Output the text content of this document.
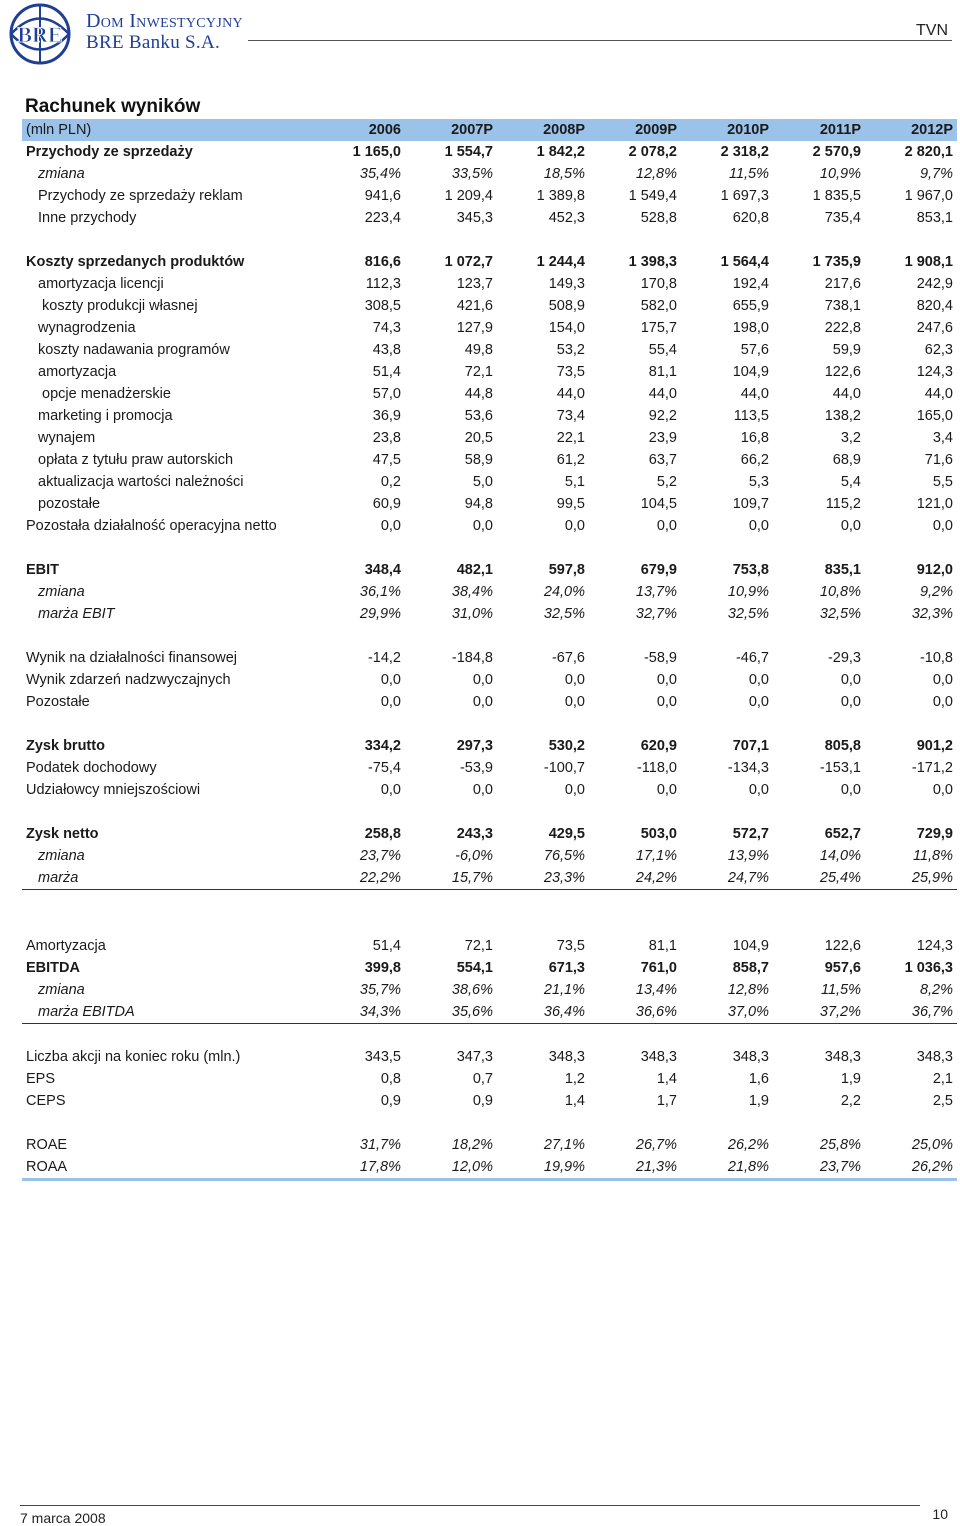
BRE
Dom Inwestycyjny
BRE Banku S.A.
TVN
Rachunek wyników
(mln PLN)	2006	2007P	2008P	2009P	2010P	2011P	2012P
Przychody ze sprzedaży	1 165,0	1 554,7	1 842,2	2 078,2	2 318,2	2 570,9	2 820,1
zmiana	35,4%	33,5%	18,5%	12,8%	11,5%	10,9%	9,7%
Przychody ze sprzedaży reklam	941,6	1 209,4	1 389,8	1 549,4	1 697,3	1 835,5	1 967,0
Inne przychody	223,4	345,3	452,3	528,8	620,8	735,4	853,1

Koszty sprzedanych produktów	816,6	1 072,7	1 244,4	1 398,3	1 564,4	1 735,9	1 908,1
amortyzacja licencji	112,3	123,7	149,3	170,8	192,4	217,6	242,9
koszty produkcji własnej	308,5	421,6	508,9	582,0	655,9	738,1	820,4
wynagrodzenia	74,3	127,9	154,0	175,7	198,0	222,8	247,6
koszty nadawania programów	43,8	49,8	53,2	55,4	57,6	59,9	62,3
amortyzacja	51,4	72,1	73,5	81,1	104,9	122,6	124,3
opcje menadżerskie	57,0	44,8	44,0	44,0	44,0	44,0	44,0
marketing i promocja	36,9	53,6	73,4	92,2	113,5	138,2	165,0
wynajem	23,8	20,5	22,1	23,9	16,8	3,2	3,4
opłata z tytułu praw autorskich	47,5	58,9	61,2	63,7	66,2	68,9	71,6
aktualizacja wartości należności	0,2	5,0	5,1	5,2	5,3	5,4	5,5
pozostałe	60,9	94,8	99,5	104,5	109,7	115,2	121,0
Pozostała działalność operacyjna netto	0,0	0,0	0,0	0,0	0,0	0,0	0,0

EBIT	348,4	482,1	597,8	679,9	753,8	835,1	912,0
zmiana	36,1%	38,4%	24,0%	13,7%	10,9%	10,8%	9,2%
marża EBIT	29,9%	31,0%	32,5%	32,7%	32,5%	32,5%	32,3%

Wynik na działalności finansowej	-14,2	-184,8	-67,6	-58,9	-46,7	-29,3	-10,8
Wynik zdarzeń nadzwyczajnych	0,0	0,0	0,0	0,0	0,0	0,0	0,0
Pozostałe	0,0	0,0	0,0	0,0	0,0	0,0	0,0

Zysk brutto	334,2	297,3	530,2	620,9	707,1	805,8	901,2
Podatek dochodowy	-75,4	-53,9	-100,7	-118,0	-134,3	-153,1	-171,2
Udziałowcy mniejszościowi	0,0	0,0	0,0	0,0	0,0	0,0	0,0

Zysk netto	258,8	243,3	429,5	503,0	572,7	652,7	729,9
zmiana	23,7%	-6,0%	76,5%	17,1%	13,9%	14,0%	11,8%
marża	22,2%	15,7%	23,3%	24,2%	24,7%	25,4%	25,9%

Amortyzacja	51,4	72,1	73,5	81,1	104,9	122,6	124,3
EBITDA	399,8	554,1	671,3	761,0	858,7	957,6	1 036,3
zmiana	35,7%	38,6%	21,1%	13,4%	12,8%	11,5%	8,2%
marża EBITDA	34,3%	35,6%	36,4%	36,6%	37,0%	37,2%	36,7%

Liczba akcji na koniec roku (mln.)	343,5	347,3	348,3	348,3	348,3	348,3	348,3
EPS	0,8	0,7	1,2	1,4	1,6	1,9	2,1
CEPS	0,9	0,9	1,4	1,7	1,9	2,2	2,5

ROAE	31,7%	18,2%	27,1%	26,7%	26,2%	25,8%	25,0%
ROAA	17,8%	12,0%	19,9%	21,3%	21,8%	23,7%	26,2%
7 marca 2008	10
